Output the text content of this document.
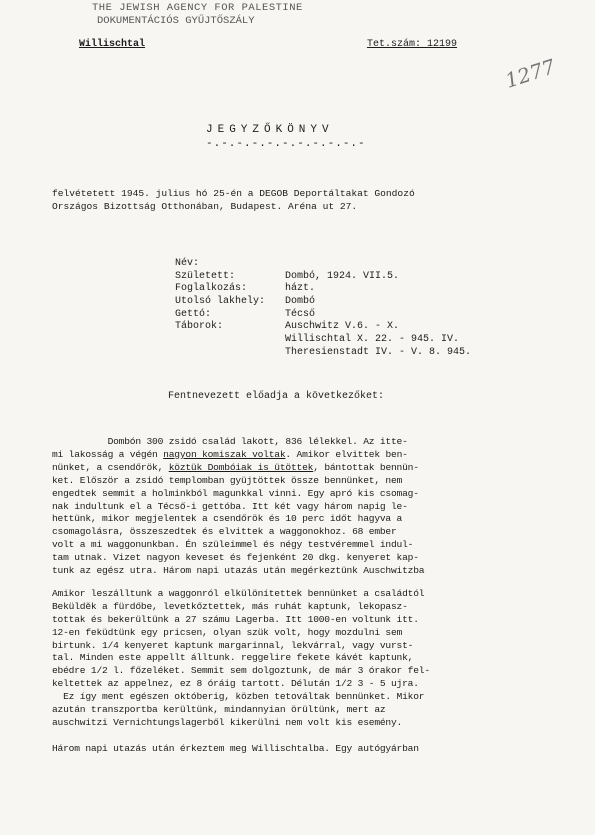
THE JEWISH AGENCY FOR PALESTINE
DOKUMENTÁCIÓS GYŰJTŐSZÁLY
Willischtal	Tet.szám: 12199
1277
JEGYZŐKÖNYV
-.-.-.-.-.-.-.-.-.-.-
felvétetett 1945. julius hó 25-én a DEGOB Deportáltakat Gondozó
Országos Bizottság Otthonában, Budapest. Aréna ut 27.
Név:
Született:	Dombó, 1924. VII.5.
Foglalkozás:	házt.
Utolsó lakhely: Dombó
Gettó:	Técső
Táborok:	Auschwitz V.6. - X.
Willischtal X. 22. - 945. IV.
Theresienstadt IV. - V. 8. 945.
Fentnevezett előadja a következőket:
Dombón 300 zsidó család lakott, 836 lélekkel. Az itte-
mi lakosság a végén nagyon komiszak voltak. Amikor elvittek ben-
nünket, a csendőrök, köztük Dombóiak is ütöttek, bántottak bennün-
ket. Először a zsidó templomban gyüjtöttek össze bennünket, nem
engedtek semmit a holminkból magunkkal vinni. Egy apró kis csomag-
nak indultunk el a Técső-i gettóba. Itt két vagy három napig le-
hettünk, mikor megjelentek a csendőrök és 10 perc időt hagyva a
csomagolásra, összeszedtek és elvittek a waggonokhoz. 68 ember
volt a mi waggonunkban. Én szüleimmel és négy testvéremmel indul-
tam utnak. Vizet nagyon keveset és fejenként 20 dkg. kenyeret kap-
tunk az egész utra. Három napi utazás után megérkeztünk Auschwitzba
Amikor leszálltunk a waggonról elkülönítettek bennünket a családtól
Bekülděk a fürdőbe, levetkőztettek, más ruhát kaptunk, lekopasz-
tottak és bekerültünk a 27 számu Lagerba. Itt 1000-en voltunk itt.
12-en feküdtünk egy pricsen, olyan szük volt, hogy mozdulni sem
birtunk. 1/4 kenyeret kaptunk margarinnal, lekvárral, vagy vurst-
tal. Minden este appellt álltunk. reggelire fekete kávét kaptunk,
ebédre 1/2 l. főzeléket. Semmit sem dolgoztunk, de már 3 órakor fel-
keltettek az appelnez, ez 8 óráig tartott. Délután 1/2 3 - 5 ujra.
Ez így ment egészen októberig, közben tetováltak bennünket. Mikor
azután transzportba kerültünk, mindannyian örültünk, mert az
auschwitzi Vernichtungslagerből kikerülni nem volt kis esemény.
Három napi utazás után érkeztem meg Willischtalba. Egy autógyárban
